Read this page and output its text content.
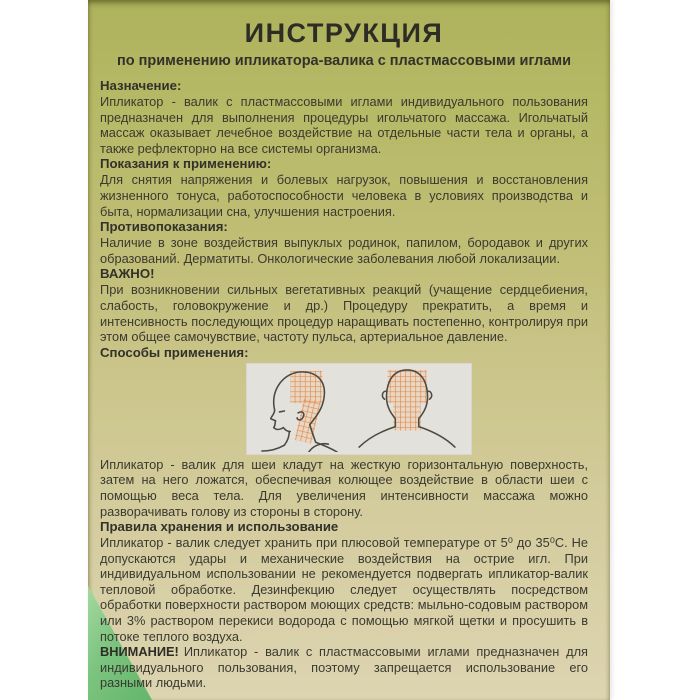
ИНСТРУКЦИЯ
по применению ипликатора-валика с пластмассовыми иглами
Назначение:

Ипликатор - валик с пластмассовыми иглами индивидуального пользования предназначен для выполнения процедуры игольчатого массажа. Игольчатый массаж оказывает лечебное воздействие на отдельные части тела и органы, а также рефлекторно на все системы организма.

Показания к применению:

Для снятия напряжения и болевых нагрузок, повышения и восстановления жизненного тонуса, работоспособности человека в условиях производства и быта, нормализации сна, улучшения настроения.

Противопоказания:

Наличие в зоне воздействия выпуклых родинок, папилом, бородавок и других образований. Дерматиты. Онкологические заболевания любой локализации.

ВАЖНО!

При возникновении сильных вегетативных реакций (учащение сердцебиения, слабость, головокружение и др.) Процедуру прекратить, а время и интенсивность последующих процедур наращивать постепенно, контролируя при этом общее самочувствие, частоту пульса, артериальное давление.

Способы применения:

Ипликатор - валик для шеи кладут на жесткую горизонтальную поверхность, затем на него ложатся, обеспечивая колющее воздействие в области шеи с помощью веса тела. Для увеличения интенсивности массажа можно разворачивать голову из стороны в сторону.

Правила хранения и использование

Ипликатор - валик следует хранить при плюсовой температуре от 5⁰ до 35⁰С. Не допускаются удары и механические воздействия на острие игл. При индивидуальном использовании не рекомендуется подвергать ипликатор-валик тепловой обработке. Дезинфекцию следует осуществлять посредством обработки поверхности раствором моющих средств: мыльно-содовым раствором или 3% раствором перекиси водорода с помощью мягкой щетки и просушить в потоке теплого воздуха.

ВНИМАНИЕ! Ипликатор - валик с пластмассовыми иглами предназначен для индивидуального пользования, поэтому запрещается использование его разными людьми.
